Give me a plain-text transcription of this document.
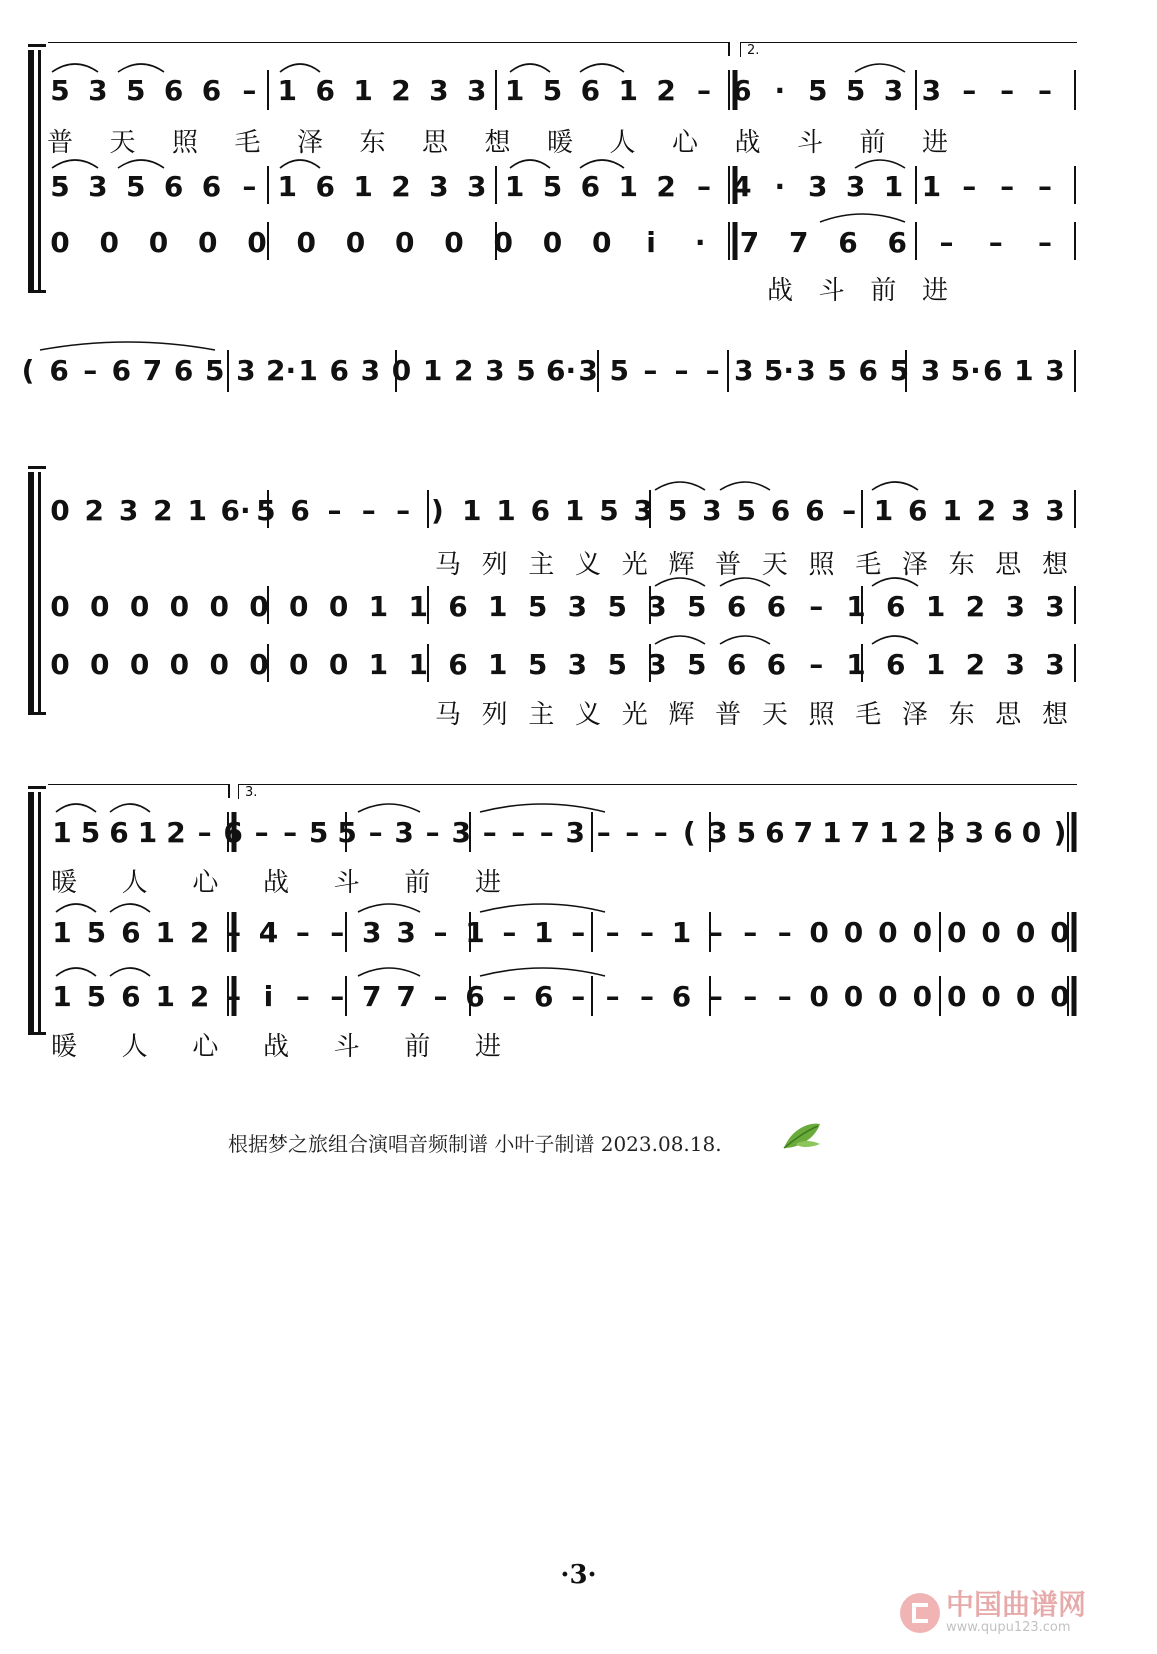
2.
5 3 5 6 6 – 1 6 1 2 3 3 1 5 6 1 2 – 6 · 5 5 3 3 – – –
普 天 照 毛 泽 东 思 想 暖 人 心 战 斗 前 进
5 3 5 6 6 – 1 6 1 2 3 3 1 5 6 1 2 – 4 · 3 3 1 1 – – –
0 0 0 0 0 0 0 0 0 0 0 0 i · 7 7 6 6 – – –
战 斗 前 进
( 6 – 6 7 6 5 3 2· 1 6 3 0 1 2 3 5 6· 3 5 – – – 3 5· 3 5 6 5 3 5· 6 1 3
0 2 3 2 1 6· 5 6 – – – ) 1 1 6 1 5 3 5 3 5 6 6 – 1 6 1 2 3 3
马 列 主 义 光 辉 普 天 照 毛 泽 东 思 想
0 0 0 0 0 0 0 0 1 1 6 1 5 3 5 3 5 6 6 – 1 6 1 2 3 3
0 0 0 0 0 0 0 0 1 1 6 1 5 3 5 3 5 6 6 – 1 6 1 2 3 3
马 列 主 义 光 辉 普 天 照 毛 泽 东 思 想
3.
1 5 6 1 2 – 6 – – 5 5 – 3 – 3 – – – 3 – – – ( 3 5 6 7 1 7 1 2 3 3 6 0 )
暖 人 心 战 斗 前 进
1 5 6 1 2 – 4 – – 3 3 – 1 – 1 – – – 1 – – – 0 0 0 0 0 0 0 0
1 5 6 1 2 – i – – 7 7 – 6 – 6 – – – 6 – – – 0 0 0 0 0 0 0 0
暖 人 心 战 斗 前 进
根据梦之旅组合演唱音频制谱 小叶子制谱 2023.08.18.
·3·
中国曲谱网
www.qupu123.com
